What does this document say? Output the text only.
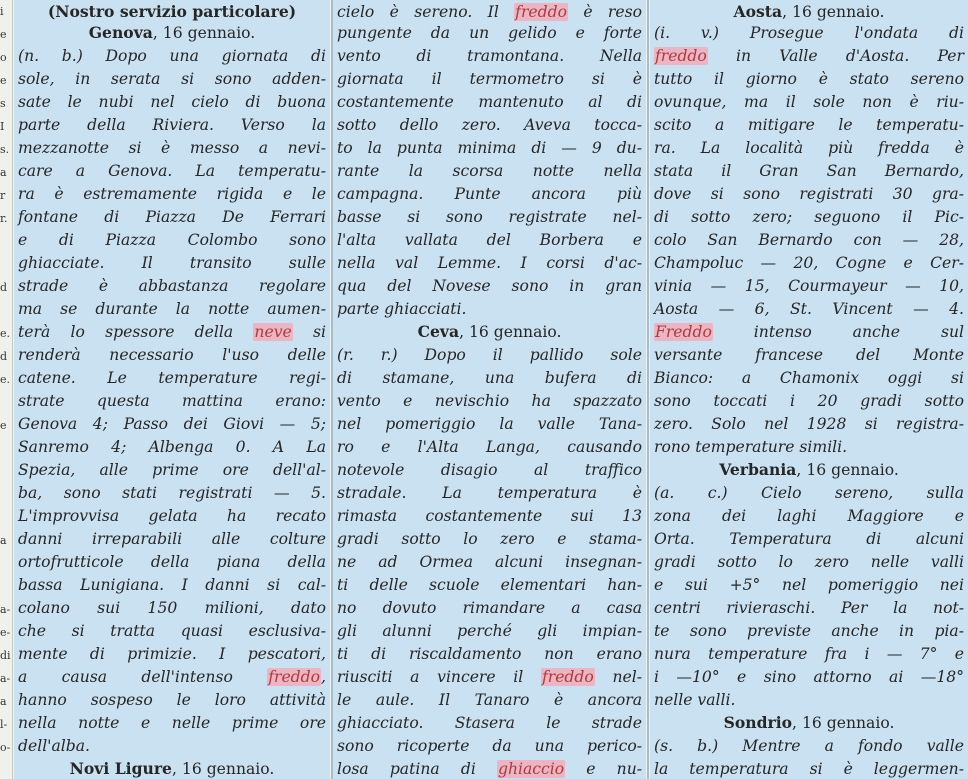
i
e
o
e
s
I
s.
a
r
r.
d
e.
d
e.
e
a
a-
e-
di
a-
a
l-
o-
(Nostro servizio particolare)
Genova, 16 gennaio.
(n. b.) Dopo una giornata di
sole, in serata si sono adden-
sate le nubi nel cielo di buona
parte della Riviera. Verso la
mezzanotte si è messo a nevi-
care a Genova. La temperatu-
ra è estremamente rigida e le
fontane di Piazza De Ferrari
e di Piazza Colombo sono
ghiacciate. Il transito sulle
strade è abbastanza regolare
ma se durante la notte aumen-
terà lo spessore della neve si
renderà necessario l'uso delle
catene. Le temperature regi-
strate questa mattina erano:
Genova 4; Passo dei Giovi — 5;
Sanremo 4; Albenga 0. A La
Spezia, alle prime ore dell'al-
ba, sono stati registrati — 5.
L'improvvisa gelata ha recato
danni irreparabili alle colture
ortofrutticole della piana della
bassa Lunigiana. I danni si cal-
colano sui 150 milioni, dato
che si tratta quasi esclusiva-
mente di primizie. I pescatori,
a causa dell'intenso freddo,
hanno sospeso le loro attività
nella notte e nelle prime ore
dell'alba.
Novi Ligure, 16 gennaio.
cielo è sereno. Il freddo è reso
pungente da un gelido e forte
vento di tramontana. Nella
giornata il termometro si è
costantemente mantenuto al di
sotto dello zero. Aveva tocca-
to la punta minima di — 9 du-
rante la scorsa notte nella
campagna. Punte ancora più
basse si sono registrate nel-
l'alta vallata del Borbera e
nella val Lemme. I corsi d'ac-
qua del Novese sono in gran
parte ghiacciati.
Ceva, 16 gennaio.
(r. r.) Dopo il pallido sole
di stamane, una bufera di
vento e nevischio ha spazzato
nel pomeriggio la valle Tana-
ro e l'Alta Langa, causando
notevole disagio al traffico
stradale. La temperatura è
rimasta costantemente sui 13
gradi sotto lo zero e stama-
ne ad Ormea alcuni insegnan-
ti delle scuole elementari han-
no dovuto rimandare a casa
gli alunni perché gli impian-
ti di riscaldamento non erano
riusciti a vincere il freddo nel-
le aule. Il Tanaro è ancora
ghiacciato. Stasera le strade
sono ricoperte da una perico-
losa patina di ghiaccio e nu-
Aosta, 16 gennaio.
(i. v.) Prosegue l'ondata di
freddo in Valle d'Aosta. Per
tutto il giorno è stato sereno
ovunque, ma il sole non è riu-
scito a mitigare le temperatu-
ra. La località più fredda è
stata il Gran San Bernardo,
dove si sono registrati 30 gra-
di sotto zero; seguono il Pic-
colo San Bernardo con — 28,
Champoluc — 20, Cogne e Cer-
vinia — 15, Courmayeur — 10,
Aosta — 6, St. Vincent — 4.
Freddo intenso anche sul
versante francese del Monte
Bianco: a Chamonix oggi si
sono toccati i 20 gradi sotto
zero. Solo nel 1928 si registra-
rono temperature simili.
Verbania, 16 gennaio.
(a. c.) Cielo sereno, sulla
zona dei laghi Maggiore e
Orta. Temperatura di alcuni
gradi sotto lo zero nelle valli
e sui +5° nel pomeriggio nei
centri rivieraschi. Per la not-
te sono previste anche in pia-
nura temperature fra i — 7° e
i —10° e sino attorno ai —18°
nelle valli.
Sondrio, 16 gennaio.
(s. b.) Mentre a fondo valle
la temperatura si è leggermen-
